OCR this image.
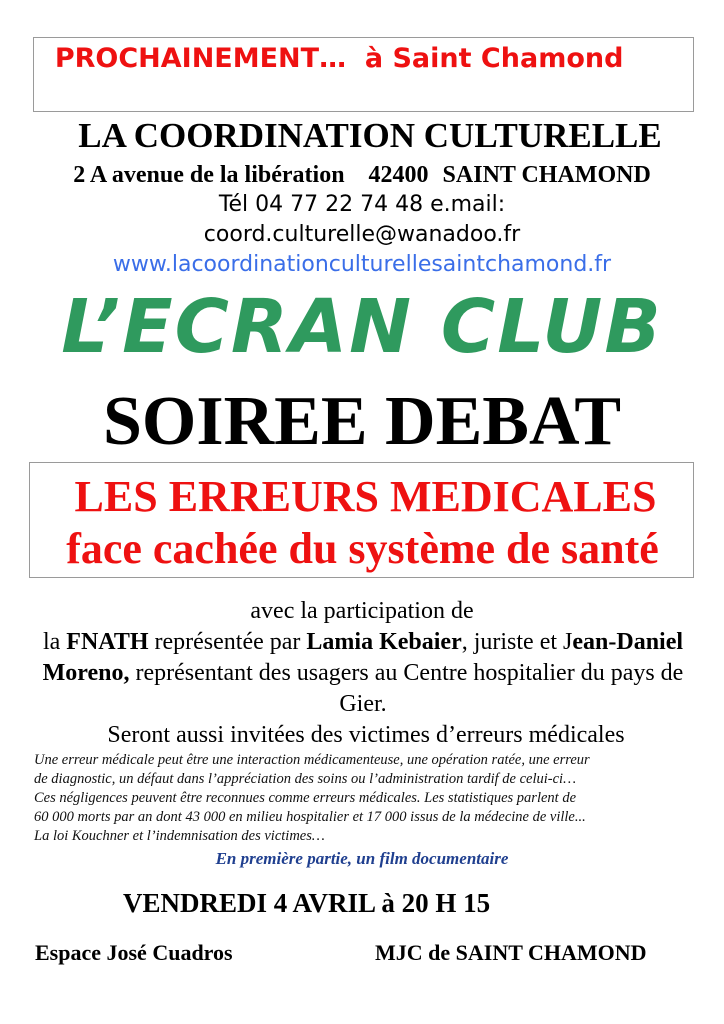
PROCHAINEMENT…  à Saint Chamond
LA COORDINATION CULTURELLE
2 A avenue de la libération 42400 SAINT CHAMOND
Tél 04 77 22 74 48 e.mail:
coord.culturelle@wanadoo.fr
www.lacoordinationculturellesaintchamond.fr
L’ECRAN CLUB
SOIREE DEBAT
LES ERREURS MEDICALES
face cachée du système de santé
avec la participation de
la FNATH représentée par Lamia Kebaier, juriste et Jean-Daniel Moreno, représentant des usagers au Centre hospitalier du pays de Gier.
Seront aussi invitées des victimes d’erreurs médicales
Une erreur médicale peut être une interaction médicamenteuse, une opération ratée, une erreur
de diagnostic, un défaut dans l’appréciation des soins ou l’administration tardif de celui-ci…
Ces négligences peuvent être reconnues comme erreurs médicales. Les statistiques parlent de
60 000 morts par an dont 43 000 en milieu hospitalier et 17 000 issus de la médecine de ville...
La loi Kouchner et l’indemnisation des victimes…
En première partie, un film documentaire
VENDREDI 4 AVRIL à 20 H 15
Espace José Cuadros	MJC de SAINT CHAMOND
